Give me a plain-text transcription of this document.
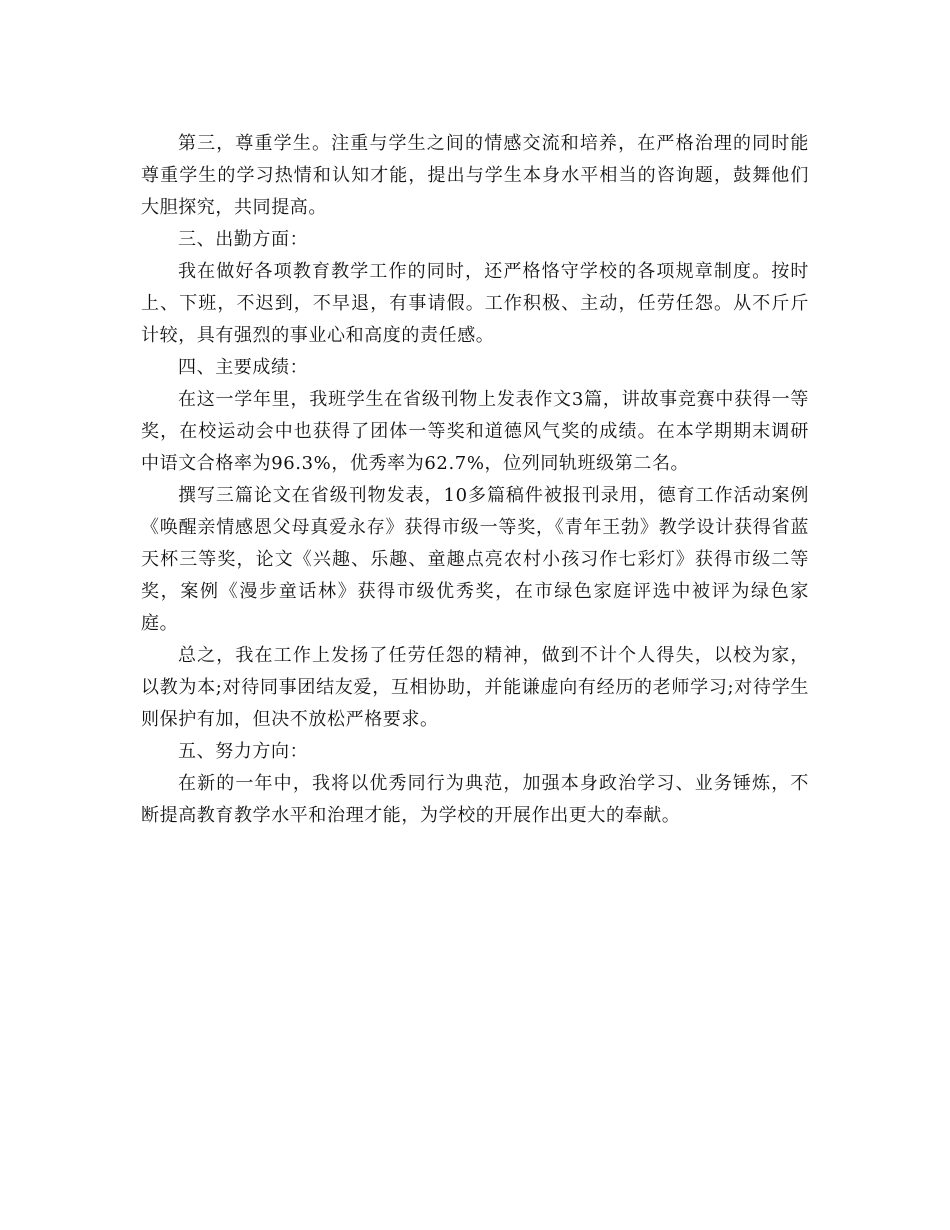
第三，尊重学生。注重与学生之间的情感交流和培养，在严格治理的同时能尊重学生的学习热情和认知才能，提出与学生本身水平相当的咨询题，鼓舞他们大胆探究，共同提高。

三、出勤方面：

我在做好各项教育教学工作的同时，还严格恪守学校的各项规章制度。按时上、下班，不迟到，不早退，有事请假。工作积极、主动，任劳任怨。从不斤斤计较，具有强烈的事业心和高度的责任感。

四、主要成绩：

在这一学年里，我班学生在省级刊物上发表作文3篇，讲故事竞赛中获得一等奖，在校运动会中也获得了团体一等奖和道德风气奖的成绩。在本学期期末调研中语文合格率为96.3%，优秀率为62.7%，位列同轨班级第二名。

撰写三篇论文在省级刊物发表，10多篇稿件被报刊录用，德育工作活动案例《唤醒亲情感恩父母真爱永存》获得市级一等奖，《青年王勃》教学设计获得省蓝天杯三等奖，论文《兴趣、乐趣、童趣点亮农村小孩习作七彩灯》获得市级二等奖，案例《漫步童话林》获得市级优秀奖，在市绿色家庭评选中被评为绿色家庭。

总之，我在工作上发扬了任劳任怨的精神，做到不计个人得失，以校为家，以教为本;对待同事团结友爱，互相协助，并能谦虚向有经历的老师学习;对待学生则保护有加，但决不放松严格要求。

五、努力方向：

在新的一年中，我将以优秀同行为典范，加强本身政治学习、业务锤炼，不断提高教育教学水平和治理才能，为学校的开展作出更大的奉献。
